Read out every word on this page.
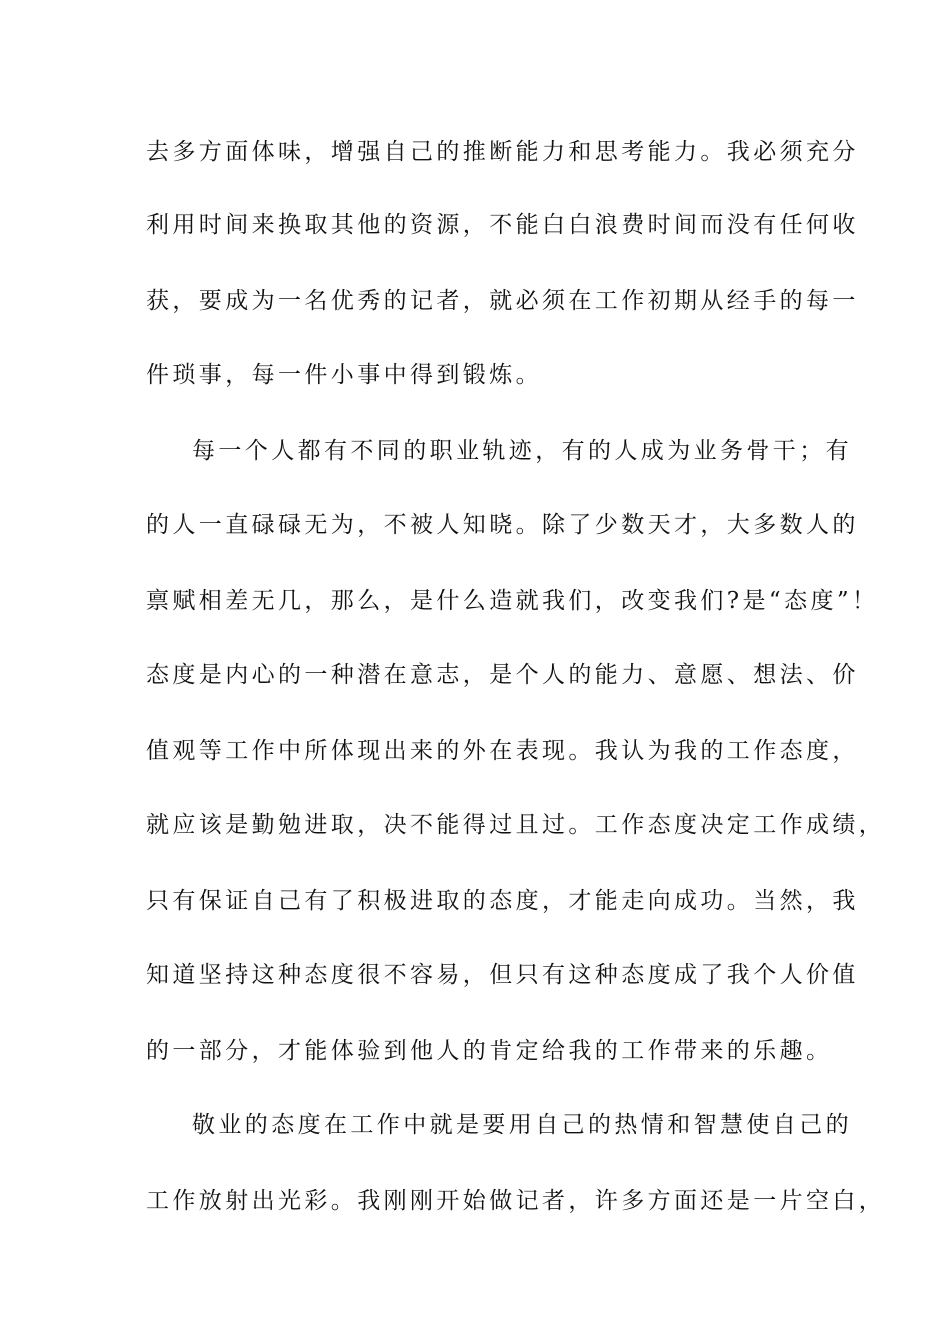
去多方面体味，增强自己的推断能力和思考能力。我必须充分
利用时间来换取其他的资源，不能白白浪费时间而没有任何收
获，要成为一名优秀的记者，就必须在工作初期从经手的每一
件琐事，每一件小事中得到锻炼。
每一个人都有不同的职业轨迹，有的人成为业务骨干；有
的人一直碌碌无为，不被人知晓。除了少数天才，大多数人的
禀赋相差无几，那么，是什么造就我们，改变我们?是“态度”！
态度是内心的一种潜在意志，是个人的能力、意愿、想法、价
值观等工作中所体现出来的外在表现。我认为我的工作态度，
就应该是勤勉进取，决不能得过且过。工作态度决定工作成绩，
只有保证自己有了积极进取的态度，才能走向成功。当然，我
知道坚持这种态度很不容易，但只有这种态度成了我个人价值
的一部分，才能体验到他人的肯定给我的工作带来的乐趣。
敬业的态度在工作中就是要用自己的热情和智慧使自己的
工作放射出光彩。我刚刚开始做记者，许多方面还是一片空白，
